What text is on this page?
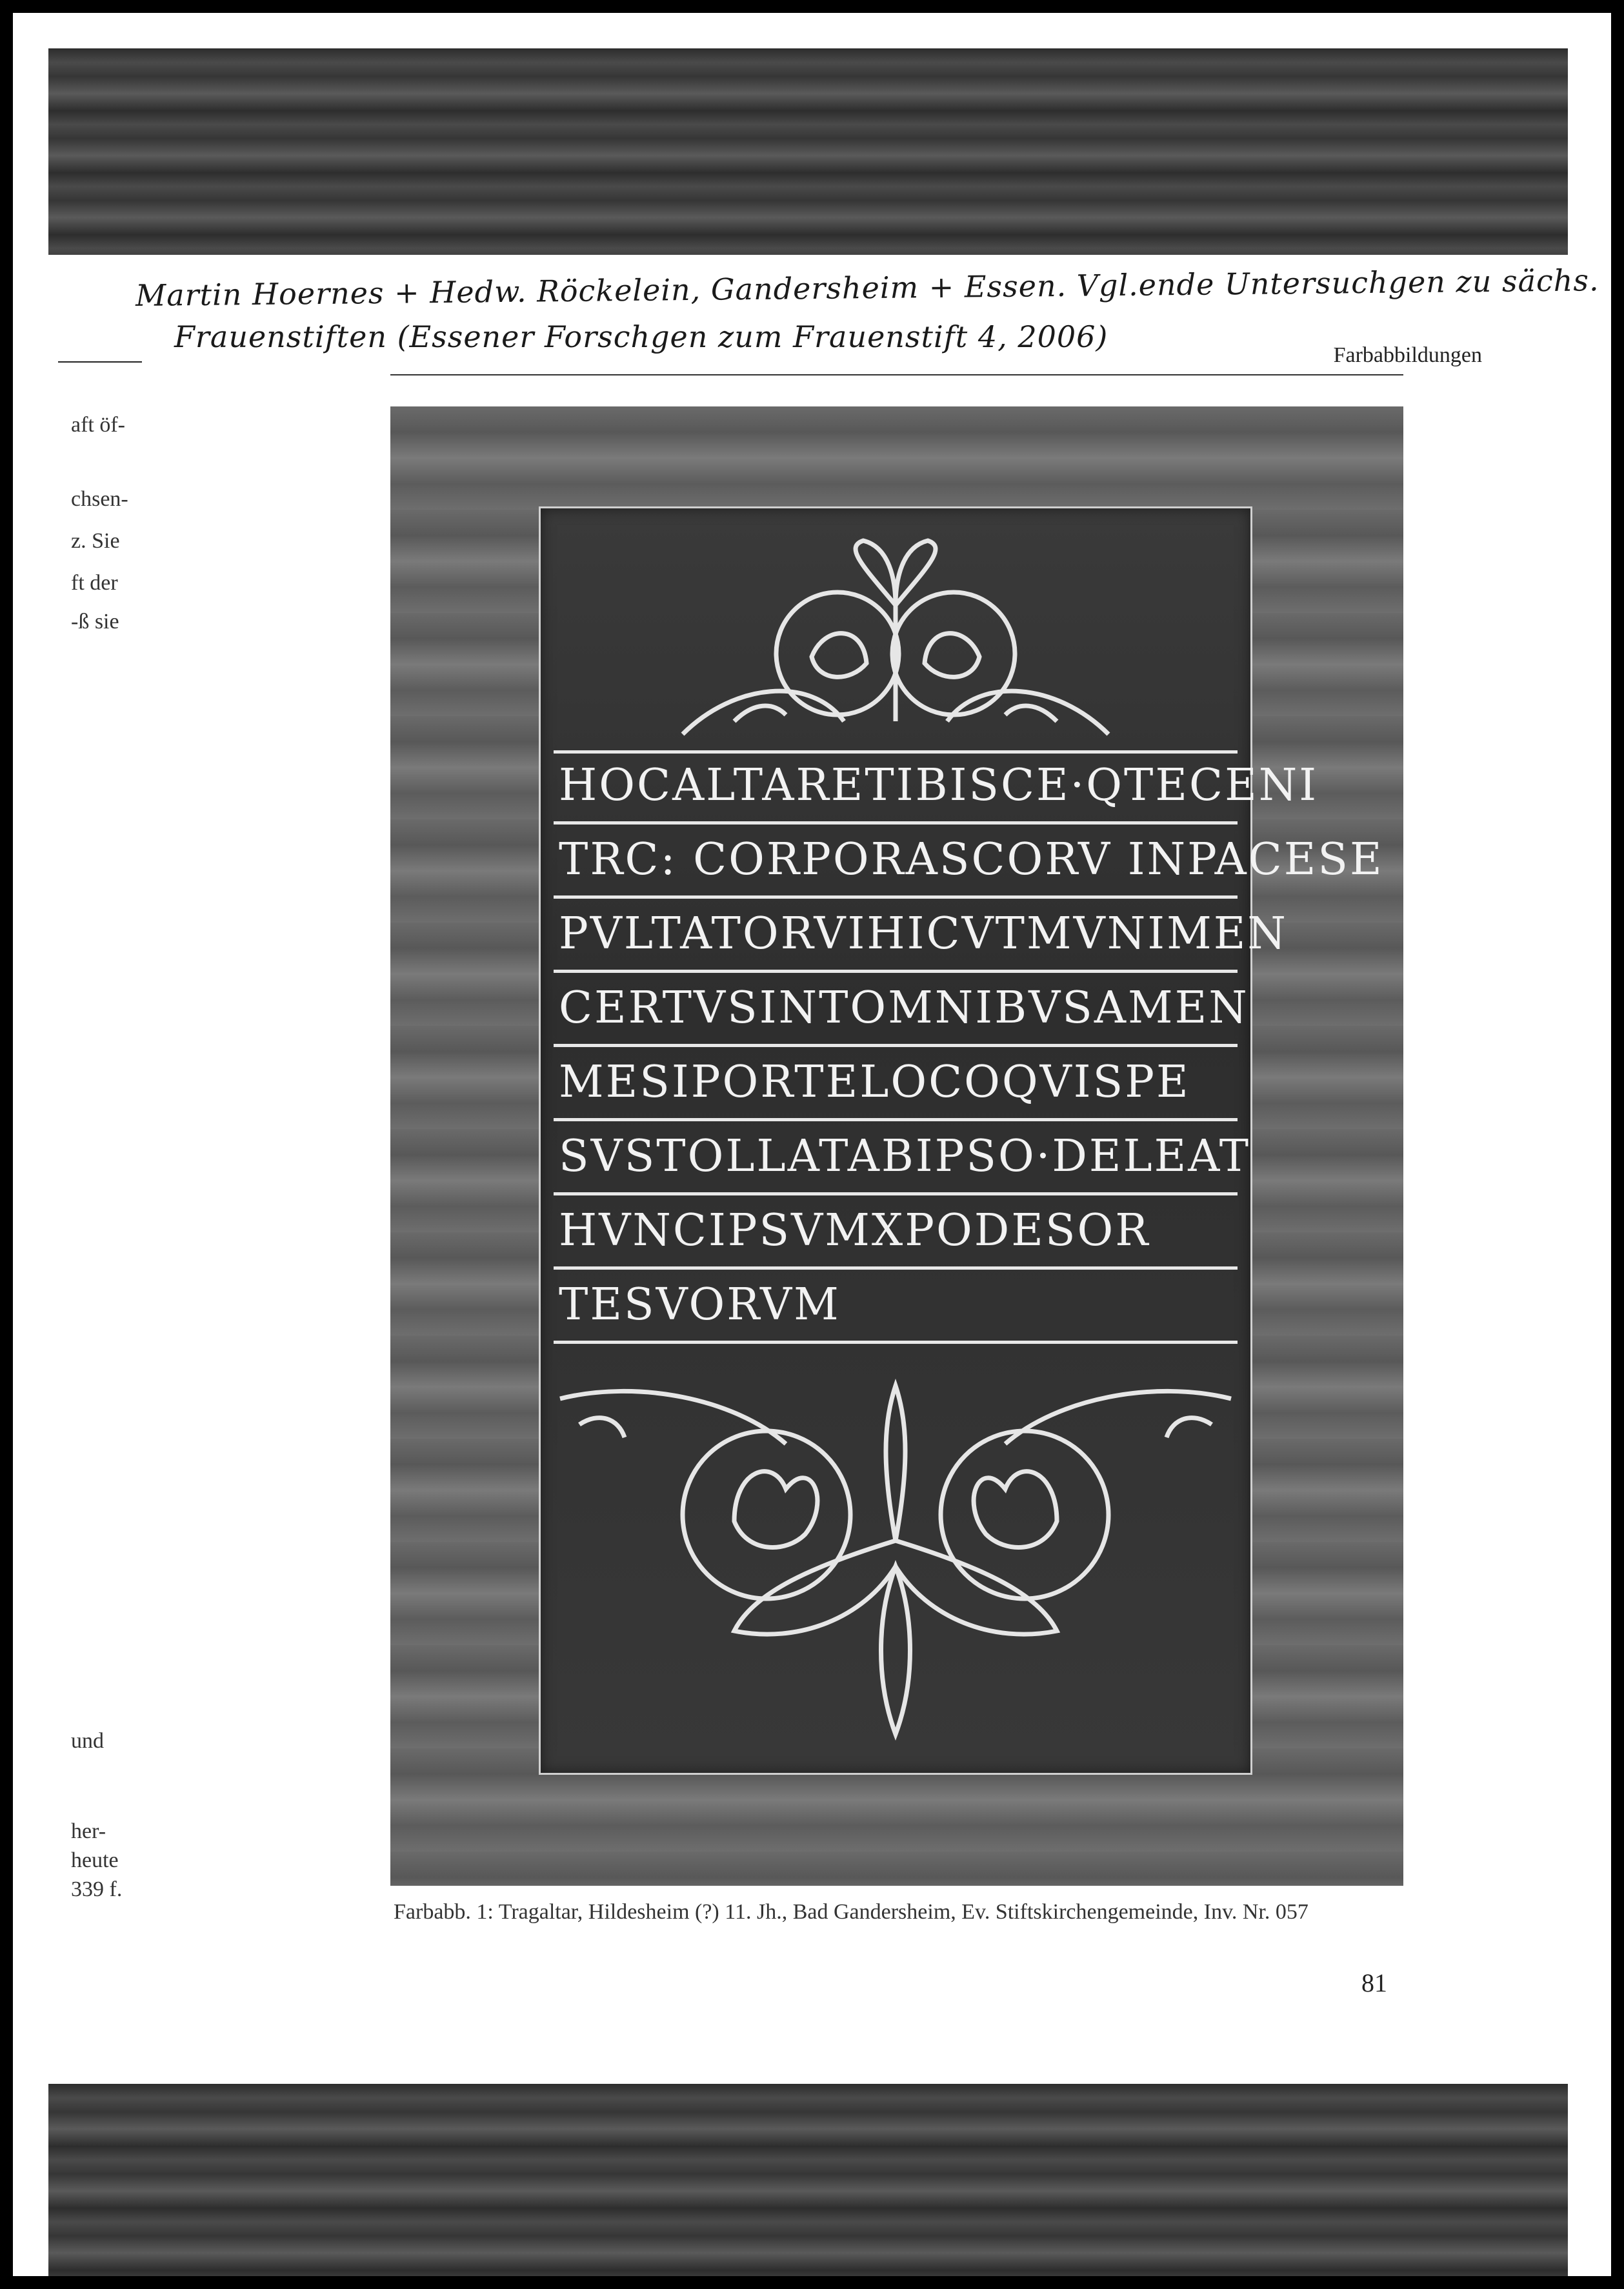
Martin Hoernes + Hedw. Röckelein, Gandersheim + Essen. Vgl.ende Untersuchgen zu sächs.
Frauenstiften (Essener Forschgen zum Frauenstift 4, 2006)
Farbabbildungen
aft öf-
chsen-
z. Sie
ft der
-ß sie
und
her-
heute
339 f.
HOCALTARETIBISCE·QTECENI
TRC: CORPORASCORV INPACESE
PVLTATORVIHICVTMVNIMEN
CERTVSINTOMNIBVSAMEN
MESIPORTELOCOQVISPE
SVSTOLLATABIPSO·DELEAT
HVNCIPSVMXPODESOR
TESVORVM
Farbabb. 1: Tragaltar, Hildesheim (?) 11. Jh., Bad Gandersheim, Ev. Stiftskirchengemeinde, Inv. Nr. 057
81
